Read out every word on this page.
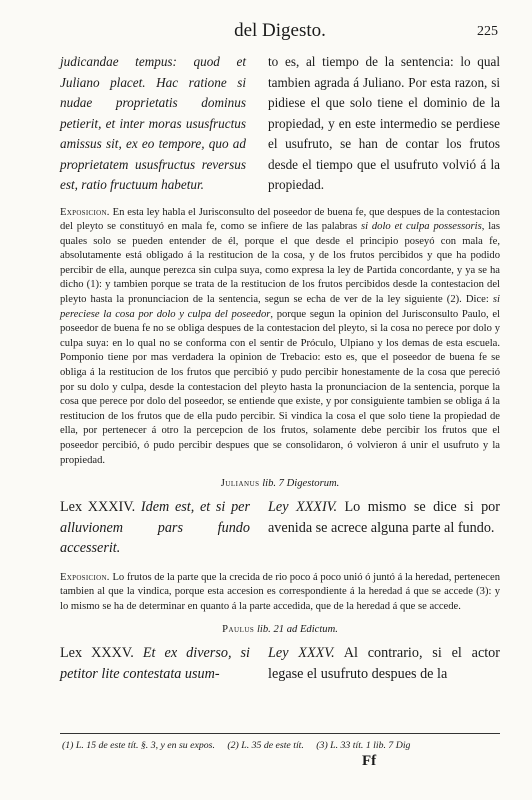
del Digesto.	225
judicandae tempus: quod et Juliano placet. Hac ratione si nudae proprietatis dominus petierit, et inter moras ususfructus amissus sit, ex eo tempore, quo ad proprietatem ususfructus reversus est, ratio fructuum habetur.
to es, al tiempo de la sentencia: lo qual tambien agrada á Juliano. Por esta razon, si pidiese el que solo tiene el dominio de la propiedad, y en este intermedio se perdiese el usufruto, se han de contar los frutos desde el tiempo que el usufruto volvió á la propiedad.
Exposicion. En esta ley habla el Jurisconsulto del poseedor de buena fe, que despues de la contestacion del pleyto se constituyó en mala fe, como se infiere de las palabras si dolo et culpa possessoris, las quales solo se pueden entender de él, porque el que desde el principio poseyó con mala fe, absolutamente está obligado á la restitucion de la cosa, y de los frutos percibidos y que ha podido percibir de ella, aunque perezca sin culpa suya, como expresa la ley de Partida concordante, y ya se ha dicho (1): y tambien porque se trata de la restitucion de los frutos percibidos desde la contestacion del pleyto hasta la pronunciacion de la sentencia, segun se echa de ver de la ley siguiente (2). Dice: si pereciese la cosa por dolo y culpa del poseedor, porque segun la opinion del Jurisconsulto Paulo, el poseedor de buena fe no se obliga despues de la contestacion del pleyto, si la cosa no perece por dolo y culpa suya: en lo qual no se conforma con el sentir de Próculo, Ulpiano y los demas de esta escuela. Pomponio tiene por mas verdadera la opinion de Trebacio: esto es, que el poseedor de buena fe se obliga á la restitucion de los frutos que percibió y pudo percibir honestamente de la cosa que pereció por su dolo y culpa, desde la contestacion del pleyto hasta la pronunciacion de la sentencia, porque la cosa que perece por dolo del poseedor, se entiende que existe, y por consiguiente tambien se obliga á la restitucion de los frutos que de ella pudo percibir. Si vindica la cosa el que solo tiene la propiedad de ella, por pertenecer á otro la percepcion de los frutos, solamente debe percibir los frutos que el poseedor percibió, ó pudo percibir despues que se consolidaron, ó volvieron á unir el usufruto y la propiedad.
Julianus lib. 7 Digestorum.
Lex XXXIV. Idem est, et si per alluvionem pars fundo accesserit.
Ley XXXIV. Lo mismo se dice si por avenida se acrece alguna parte al fundo.
Exposicion. Lo frutos de la parte que la crecida de rio poco á poco unió ó juntó á la heredad, pertenecen tambien al que la vindica, porque esta accesion es correspondiente á la heredad á que se accede (3): y lo mismo se ha de determinar en quanto á la parte accedida, que de la heredad á que se accede.
Paulus lib. 21 ad Edictum.
Lex XXXV. Et ex diverso, si petitor lite contestata usum-
Ley XXXV. Al contrario, si el actor legase el usufruto despues de la
(1) L. 15 de este tít. §. 3, y en su expos. (2) L. 35 de este tít. (3) L. 33 tít. 1 lib. 7 Dig
Ff
